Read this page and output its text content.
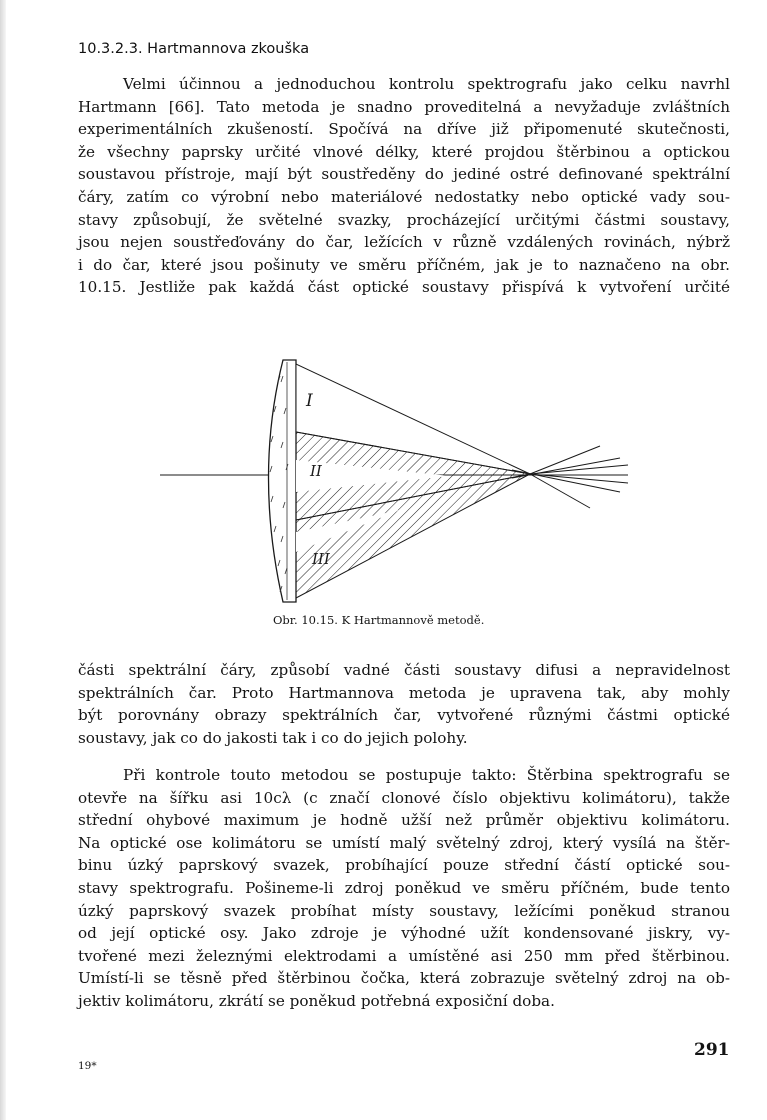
10.3.2.3. Hartmannova zkouška

Velmi účinnou a jednoduchou kontrolu spektrografu jako celku navrhl
Hartmann [66]. Tato metoda je snadno proveditelná a nevyžaduje zvláštních
experimentálních zkušeností. Spočívá na dříve již připomenuté skutečnosti,
že všechny paprsky určité vlnové délky, které projdou štěrbinou a optickou
soustavou přístroje, mají být soustředěny do jediné ostré definované spektrální
čáry, zatím co výrobní nebo materiálové nedostatky nebo optické vady sou-
stavy způsobují, že světelné svazky, procházející určitými částmi soustavy,
jsou nejen soustřeďovány do čar, ležících v různě vzdálených rovinách, nýbrž
i do čar, které jsou pošinuty ve směru příčném, jak je to naznačeno na obr.
10.15. Jestliže pak každá část optické soustavy přispívá k vytvoření určité

I
II
III
Obr. 10.15. K Hartmannově metodě.

části spektrální čáry, způsobí vadné části soustavy difusi a nepravidelnost
spektrálních čar. Proto Hartmannova metoda je upravena tak, aby mohly
být porovnány obrazy spektrálních čar, vytvořené různými částmi optické
soustavy, jak co do jakosti tak i co do jejich polohy.

Při kontrole touto metodou se postupuje takto: Štěrbina spektrografu se
otevře na šířku asi 10cλ (c značí clonové číslo objektivu kolimátoru), takže
střední ohybové maximum je hodně užší než průměr objektivu kolimátoru.
Na optické ose kolimátoru se umístí malý světelný zdroj, který vysílá na štěr-
binu úzký paprskový svazek, probíhající pouze střední částí optické sou-
stavy spektrografu. Pošineme-li zdroj poněkud ve směru příčném, bude tento
úzký paprskový svazek probíhat místy soustavy, ležícími poněkud stranou
od její optické osy. Jako zdroje je výhodné užít kondensované jiskry, vy-
tvořené mezi železnými elektrodami a umístěné asi 250 mm před štěrbinou.
Umístí-li se těsně před štěrbinou čočka, která zobrazuje světelný zdroj na ob-
jektiv kolimátoru, zkrátí se poněkud potřebná exposiční doba.

19*
291
